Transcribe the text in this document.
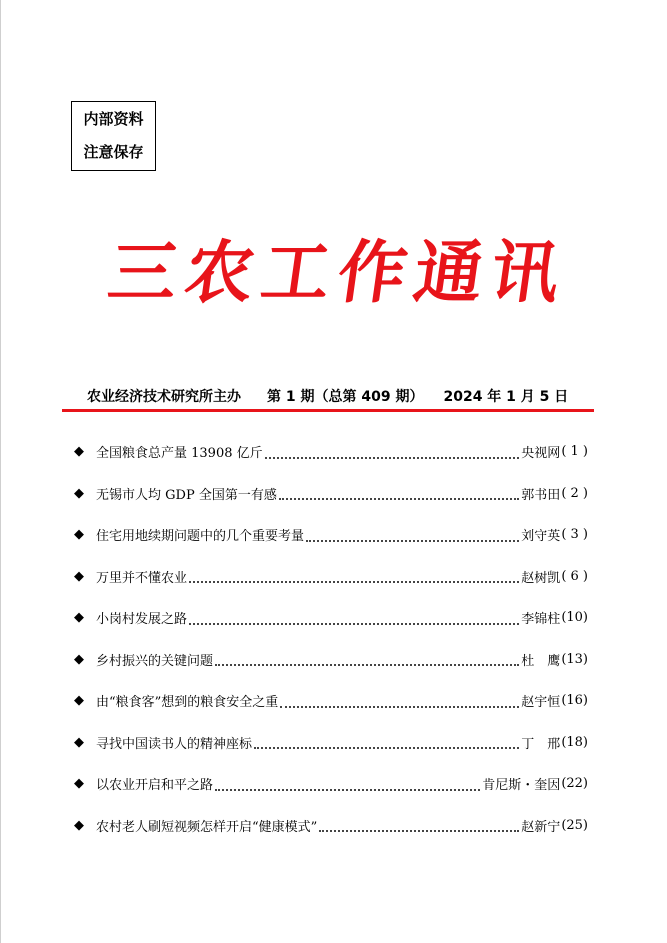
内部资料
注意保存
三
农
工
作
通
讯
农业经济技术研究所主办 第 1 期（总第 409 期） 2024 年 1 月 5 日
◆ 全国粮食总产量 13908 亿斤	央视网 ( 1 )
◆ 无锡市人均 GDP 全国第一有感	郭书田 ( 2 )
◆ 住宅用地续期问题中的几个重要考量	刘守英 ( 3 )
◆ 万里并不懂农业	赵树凯 ( 6 )
◆ 小岗村发展之路	李锦柱 (10)
◆ 乡村振兴的关键问题	杜　鹰 (13)
◆ 由“粮食客”想到的粮食安全之重	赵宇恒 (16)
◆ 寻找中国读书人的精神座标	丁　邢 (18)
◆ 以农业开启和平之路	肯尼斯・奎因 (22)
◆ 农村老人刷短视频怎样开启“健康模式”	赵新宁 (25)
